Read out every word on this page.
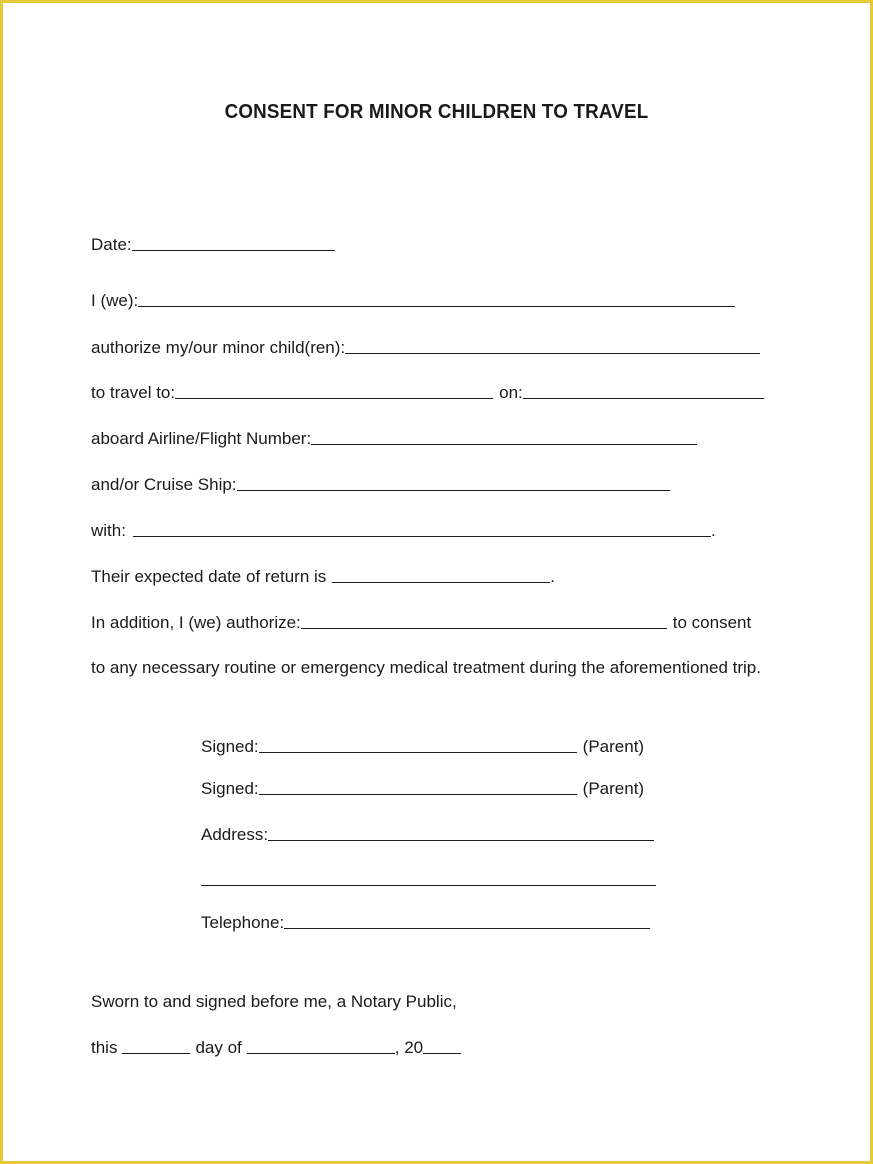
CONSENT FOR MINOR CHILDREN TO TRAVEL
Date:
I (we):
authorize my/our minor child(ren):
to travel to:	on:
aboard Airline/Flight Number:
and/or Cruise Ship:
with:	.
Their expected date of return is	.
In addition, I (we) authorize:	to consent
to any necessary routine or emergency medical treatment during the aforementioned trip.
Signed:	(Parent)
Signed:	(Parent)
Address:
Telephone:
Sworn to and signed before me, a Notary Public,
this	day of	, 20
